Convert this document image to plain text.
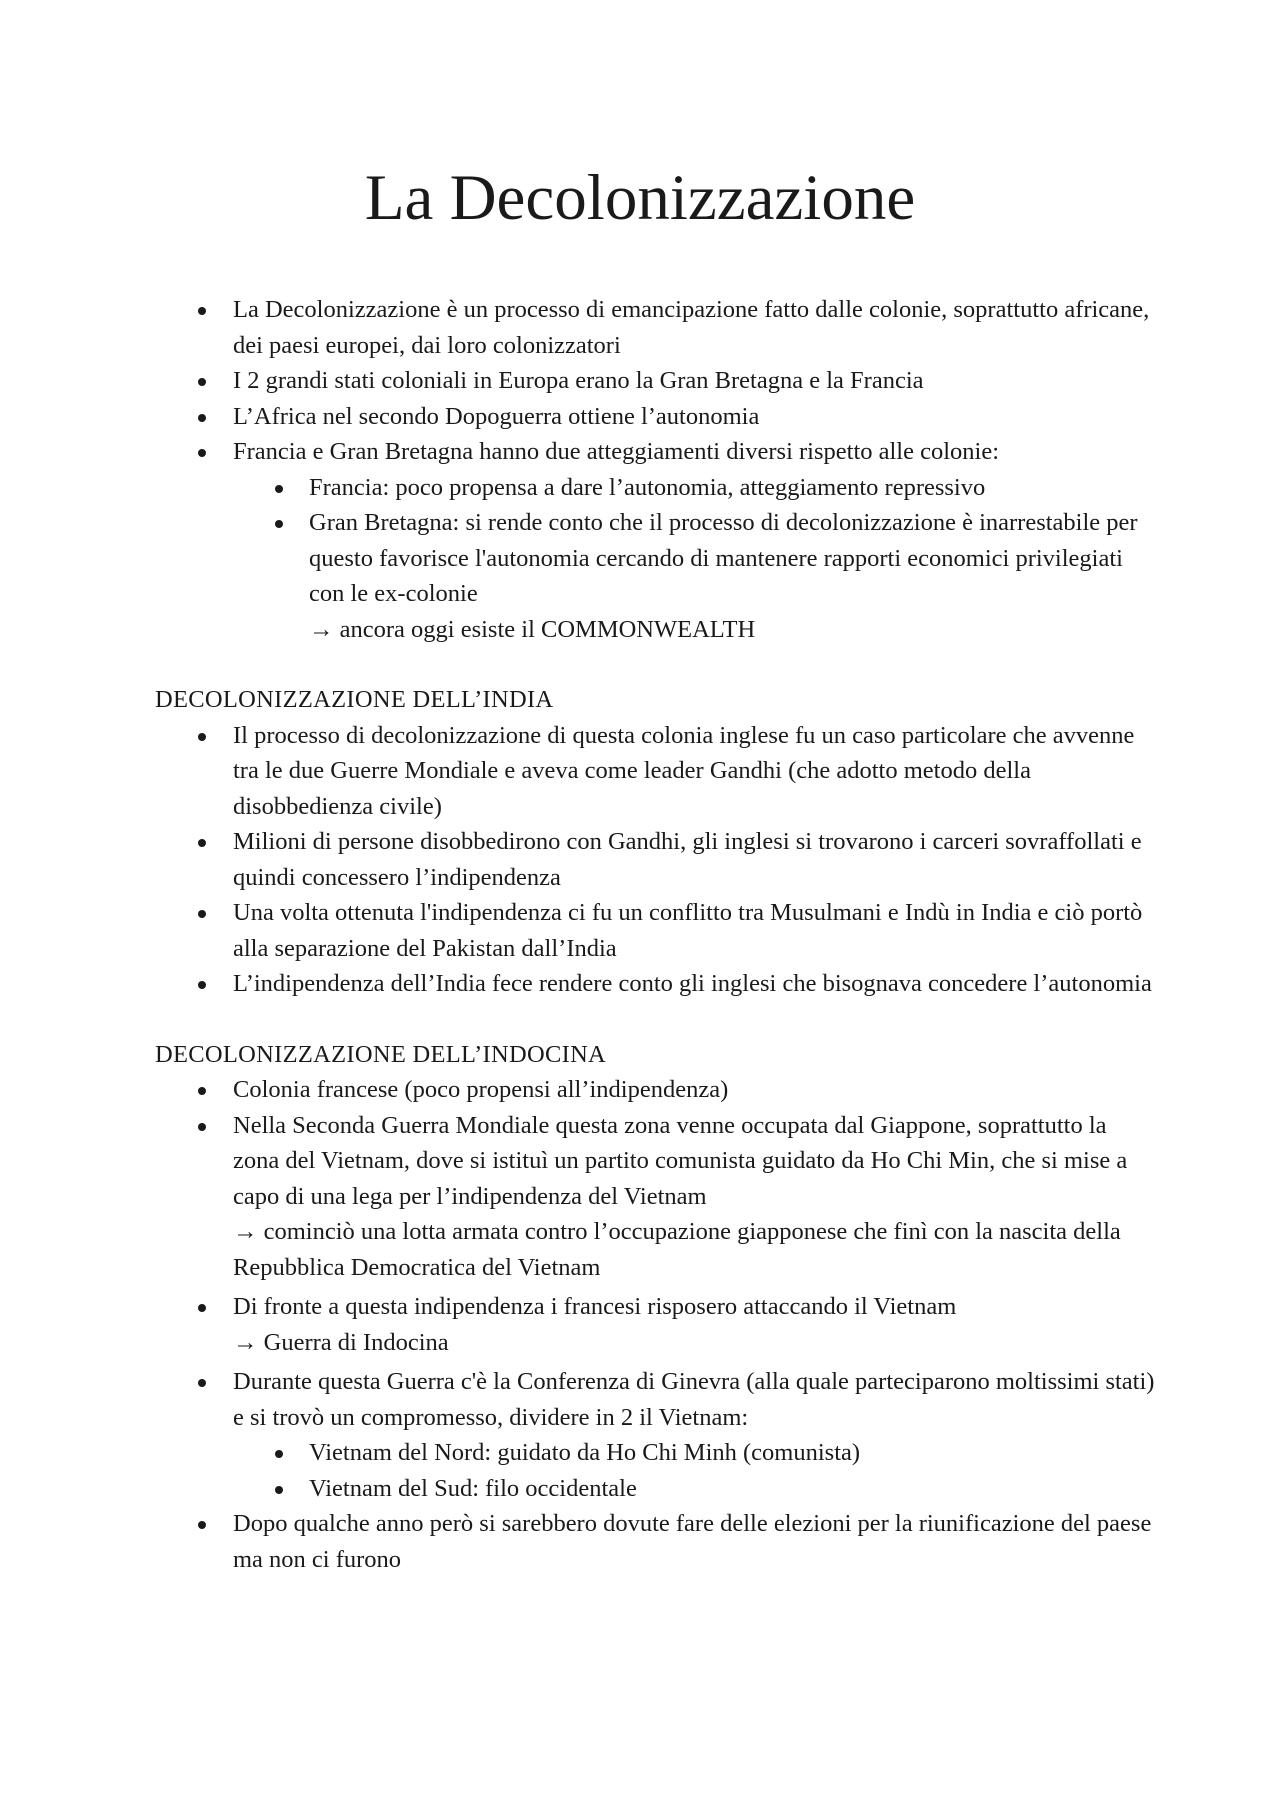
La Decolonizzazione
La Decolonizzazione è un processo di emancipazione fatto dalle colonie, soprattutto africane, dei paesi europei, dai loro colonizzatori
I 2 grandi stati coloniali in Europa erano la Gran Bretagna e la Francia
L’Africa nel secondo Dopoguerra ottiene l’autonomia
Francia e Gran Bretagna hanno due atteggiamenti diversi rispetto alle colonie:
Francia: poco propensa a dare l’autonomia, atteggiamento repressivo
Gran Bretagna: si rende conto che il processo di decolonizzazione è inarrestabile per questo favorisce l'autonomia cercando di mantenere rapporti economici privilegiati con le ex-colonie
→ ancora oggi esiste il COMMONWEALTH
DECOLONIZZAZIONE DELL’INDIA
Il processo di decolonizzazione di questa colonia inglese fu un caso particolare che avvenne tra le due Guerre Mondiale e aveva come leader Gandhi (che adotto metodo della disobbedienza civile)
Milioni di persone disobbedirono con Gandhi, gli inglesi si trovarono i carceri sovraffollati e quindi concessero l’indipendenza
Una volta ottenuta l'indipendenza ci fu un conflitto tra Musulmani e Indù in India e ciò portò alla separazione del Pakistan dall’India
L’indipendenza dell’India fece rendere conto gli inglesi che bisognava concedere l’autonomia
DECOLONIZZAZIONE DELL’INDOCINA
Colonia francese (poco propensi all’indipendenza)
Nella Seconda Guerra Mondiale questa zona venne occupata dal Giappone, soprattutto la zona del Vietnam, dove si istituì un partito comunista guidato da Ho Chi Min, che si mise a capo di una lega per l’indipendenza del Vietnam
→ cominciò una lotta armata contro l’occupazione giapponese che finì con la nascita della Repubblica Democratica del Vietnam
Di fronte a questa indipendenza i francesi risposero attaccando il Vietnam
→ Guerra di Indocina
Durante questa Guerra c'è la Conferenza di Ginevra (alla quale parteciparono moltissimi stati) e si trovò un compromesso, dividere in 2 il Vietnam:
Vietnam del Nord: guidato da Ho Chi Minh (comunista)
Vietnam del Sud: filo occidentale
Dopo qualche anno però si sarebbero dovute fare delle elezioni per la riunificazione del paese ma non ci furono
